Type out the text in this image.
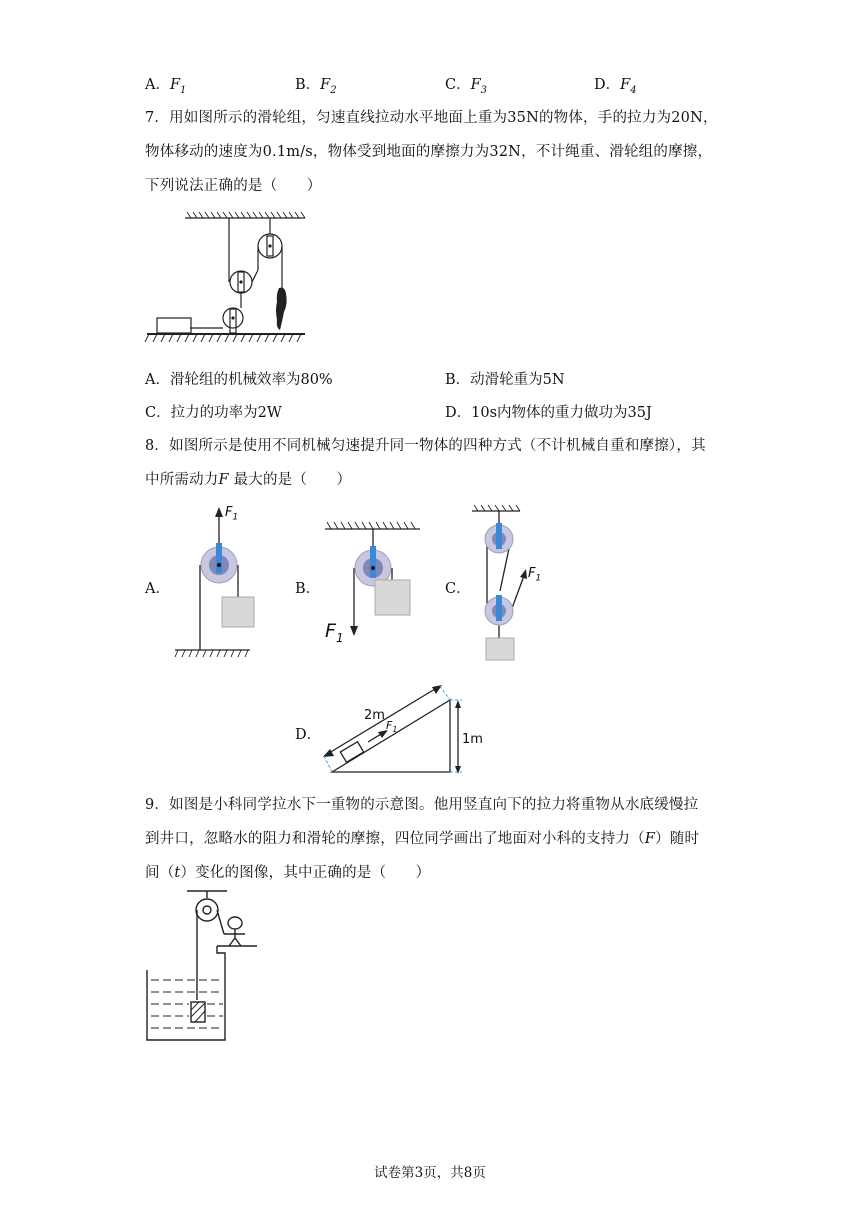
A．$F_1$	B．$F_2$	C．$F_3$	D．$F_4$
7．用如图所示的滑轮组，匀速直线拉动水平地面上重为35N的物体，手的拉力为20N，
物体移动的速度为0.1m/s，物体受到地面的摩擦力为32N，不计绳重、滑轮组的摩擦，
下列说法正确的是（　　）
A．滑轮组的机械效率为80%	B．动滑轮重为5N
C．拉力的功率为2W	D．10s内物体的重力做功为35J
8．如图所示是使用不同机械匀速提升同一物体的四种方式（不计机械自重和摩擦），其
中所需动力F 最大的是（　　）
A．
$F_1$
B．
$F_1$
C．
$F_1$
D．
2m
$F_1$
1m
9．如图是小科同学拉水下一重物的示意图。他用竖直向下的拉力将重物从水底缓慢拉
到井口，忽略水的阻力和滑轮的摩擦，四位同学画出了地面对小科的支持力（F）随时
间（t）变化的图像，其中正确的是（　　）
试卷第3页，共8页
